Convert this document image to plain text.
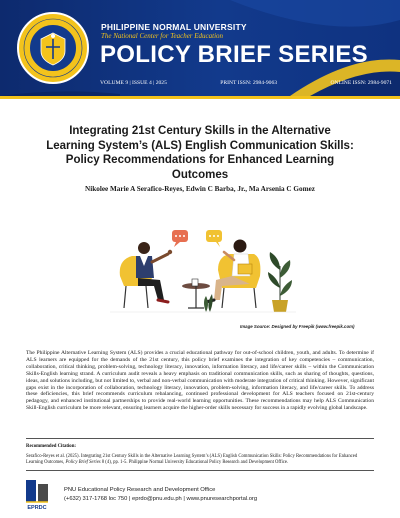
PHILIPPINE NORMAL UNIVERSITY
The National Center for Teacher Education
POLICY BRIEF SERIES
VOLUME 9 | ISSUE 4 | 2025	PRINT ISSN: 2984-9063	ONLINE ISSN: 2984-9071
Integrating 21st Century Skills in the Alternative
Learning System’s (ALS) English Communication Skills:
Policy Recommendations for Enhanced Learning
Outcomes
Nikolee Marie A Serafico-Reyes, Edwin C Barba, Jr., Ma Arsenia C Gomez
Image Source: Designed by Freepik (www.freepik.com)
The Philippine Alternative Learning System (ALS) provides a crucial educational pathway for out-of-school children, youth, and adults. To determine if ALS learners are equipped for the demands of the 21st century, this policy brief examines the integration of key competencies – communication, collaboration, critical thinking, problem-solving, technology literacy, innovation, information literacy, and life/career skills – within the Communication Skills-English learning strand. A curriculum audit reveals a heavy emphasis on traditional communication skills, such as sharing of thoughts, questions, ideas, and solutions including, but not limited to, verbal and non-verbal communication with moderate integration of critical thinking. However, significant gaps exist in the incorporation of collaboration, technology literacy, innovation, problem-solving, information literacy, and life/career skills. To address these deficiencies, this brief recommends curriculum rebalancing, continued professional development for ALS teachers focused on 21st-century pedagogy, and enhanced institutional partnerships to provide real-world learning opportunities. These recommendations may help ALS Communication Skill-English curriculum be more relevant, ensuring learners acquire the higher-order skills necessary for success in a rapidly evolving global landscape.
Recommended Citation:
Serafico-Reyes et al. (2025). Integrating 21st Century Skills in the Alternative Learning System’s (ALS) English Communication Skills: Policy Recommendations for Enhanced Learning Outcomes, Policy Brief Series 8 (4), pp. 1-5. Philippine Normal University Educational Policy Research and Development Office.
EPRDC
PNU Educational Policy Research and Development Office
(+632) 317-1768 loc 750 | eprdo@pnu.edu.ph | www.pnuresearchportal.org
